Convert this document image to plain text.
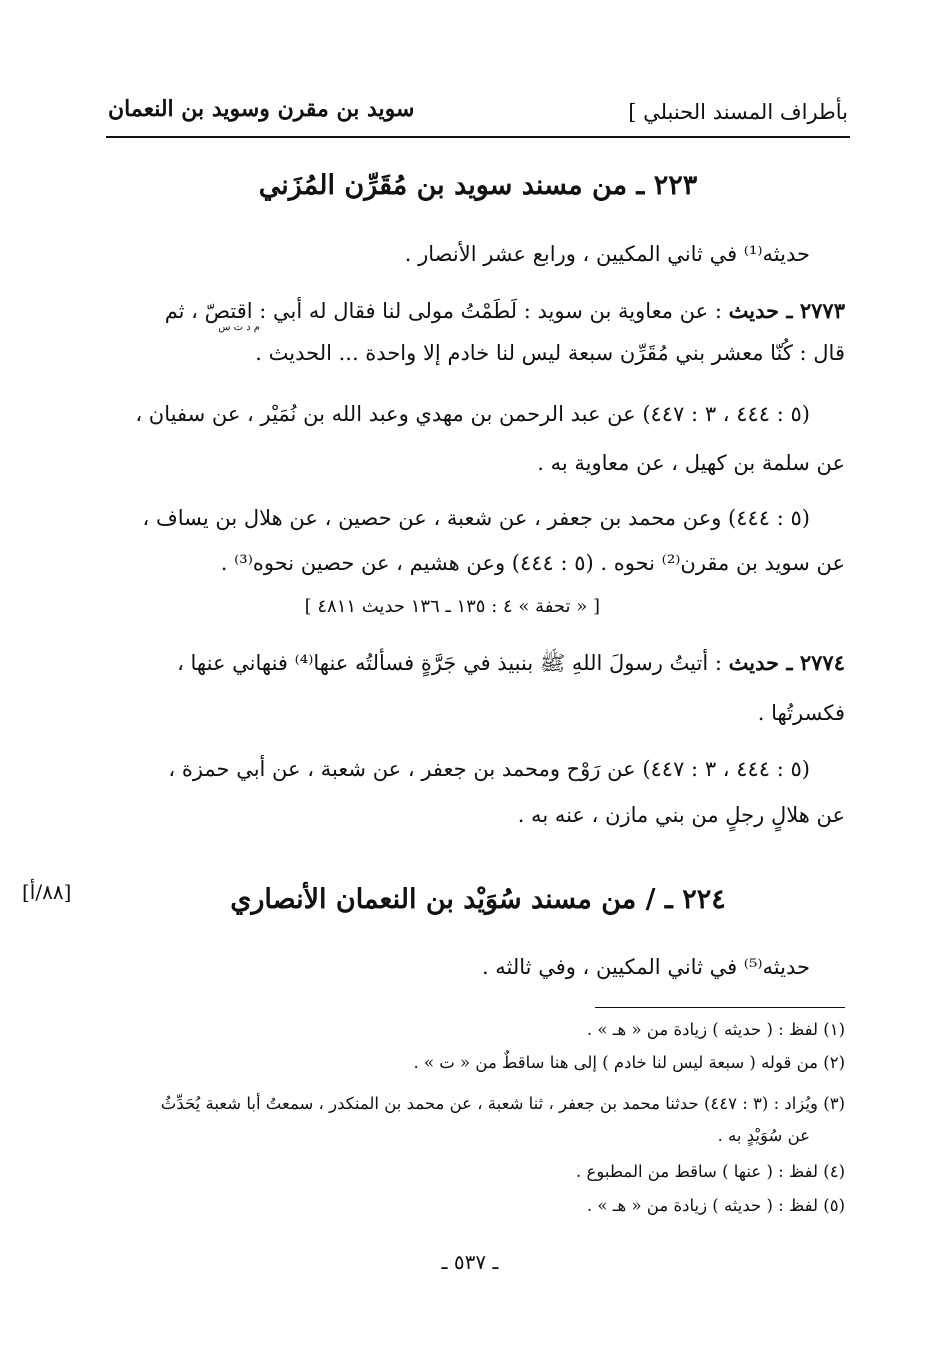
بأطراف المسند الحنبلي ]
سويد بن مقرن وسويد بن النعمان
٢٢٣ ـ من مسند سويد بن مُقَرِّن المُزَني
حديثه⁽¹⁾ في ثاني المكيين ، ورابع عشر الأنصار .
٢٧٧٣ ـ حديث : عن معاوية بن سويد : لَطَمْتُ مولى لنا فقال له أبي : اقتصّ ، ثم
م د ت س
قال : كُنّا معشر بني مُقَرِّن سبعة ليس لنا خادم إلا واحدة ... الحديث .
(٥ : ٤٤٤ ، ٣ : ٤٤٧) عن عبد الرحمن بن مهدي وعبد الله بن نُمَيْر ، عن سفيان ،
عن سلمة بن كهيل ، عن معاوية به .
(٥ : ٤٤٤) وعن محمد بن جعفر ، عن شعبة ، عن حصين ، عن هلال بن يساف ،
عن سويد بن مقرن⁽²⁾ نحوه . (٥ : ٤٤٤) وعن هشيم ، عن حصين نحوه⁽³⁾ .
[ « تحفة » ٤ : ١٣٥ ـ ١٣٦ حديث ٤٨١١ ]
٢٧٧٤ ـ حديث : أتيتُ رسولَ اللهِ ﷺ بنبيذ في جَرَّةٍ فسألتُه عنها⁽⁴⁾ فنهاني عنها ،
فكسرتُها .
(٥ : ٤٤٤ ، ٣ : ٤٤٧) عن رَوْح ومحمد بن جعفر ، عن شعبة ، عن أبي حمزة ،
عن هلالٍ رجلٍ من بني مازن ، عنه به .
٢٢٤ ـ / من مسند سُوَيْد بن النعمان الأنصاري
[٨٨/أ]
حديثه⁽⁵⁾ في ثاني المكيين ، وفي ثالثه .
(١) لفظ : ( حديثه ) زيادة من « هـ » .
(٢) من قوله ( سبعة ليس لنا خادم ) إلى هنا ساقطٌ من « ت » .
(٣) ويُزاد : (٣ : ٤٤٧) حدثنا محمد بن جعفر ، ثنا شعبة ، عن محمد بن المنكدر ، سمعتُ أبا شعبة يُحَدِّثُ
عن سُوَيْدٍ به .
(٤) لفظ : ( عنها ) ساقط من المطبوع .
(٥) لفظ : ( حديثه ) زيادة من « هـ » .
ـ ٥٣٧ ـ
